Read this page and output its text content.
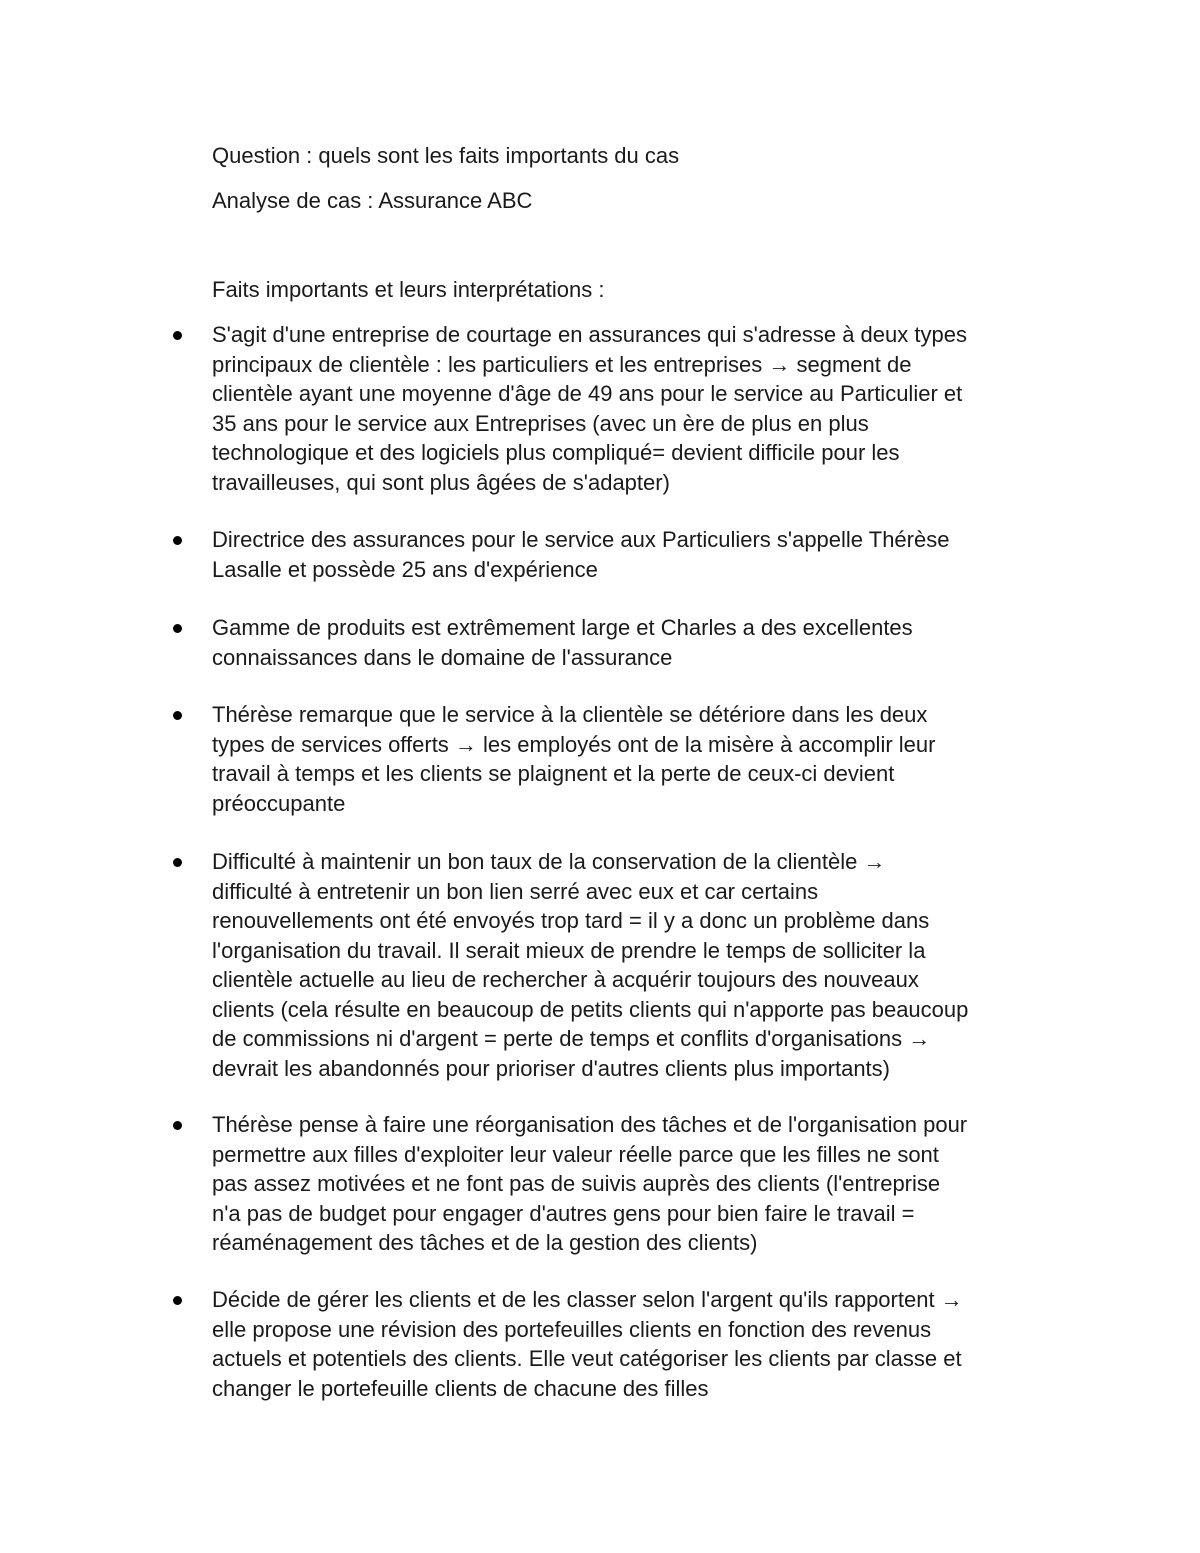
Question : quels sont les faits importants du cas

Analyse de cas : Assurance ABC

Faits importants et leurs interprétations :

S'agit d'une entreprise de courtage en assurances qui s'adresse à deux types
principaux de clientèle : les particuliers et les entreprises → segment de
clientèle ayant une moyenne d'âge de 49 ans pour le service au Particulier et
35 ans pour le service aux Entreprises (avec un ère de plus en plus
technologique et des logiciels plus compliqué= devient difficile pour les
travailleuses, qui sont plus âgées de s'adapter)
Directrice des assurances pour le service aux Particuliers s'appelle Thérèse
Lasalle et possède 25 ans d'expérience
Gamme de produits est extrêmement large et Charles a des excellentes
connaissances dans le domaine de l'assurance
Thérèse remarque que le service à la clientèle se détériore dans les deux
types de services offerts → les employés ont de la misère à accomplir leur
travail à temps et les clients se plaignent et la perte de ceux-ci devient
préoccupante
Difficulté à maintenir un bon taux de la conservation de la clientèle →
difficulté à entretenir un bon lien serré avec eux et car certains
renouvellements ont été envoyés trop tard = il y a donc un problème dans
l'organisation du travail. Il serait mieux de prendre le temps de solliciter la
clientèle actuelle au lieu de rechercher à acquérir toujours des nouveaux
clients (cela résulte en beaucoup de petits clients qui n'apporte pas beaucoup
de commissions ni d'argent = perte de temps et conflits d'organisations →
devrait les abandonnés pour prioriser d'autres clients plus importants)
Thérèse pense à faire une réorganisation des tâches et de l'organisation pour
permettre aux filles d'exploiter leur valeur réelle parce que les filles ne sont
pas assez motivées et ne font pas de suivis auprès des clients (l'entreprise
n'a pas de budget pour engager d'autres gens pour bien faire le travail =
réaménagement des tâches et de la gestion des clients)
Décide de gérer les clients et de les classer selon l'argent qu'ils rapportent →
elle propose une révision des portefeuilles clients en fonction des revenus
actuels et potentiels des clients. Elle veut catégoriser les clients par classe et
changer le portefeuille clients de chacune des filles
